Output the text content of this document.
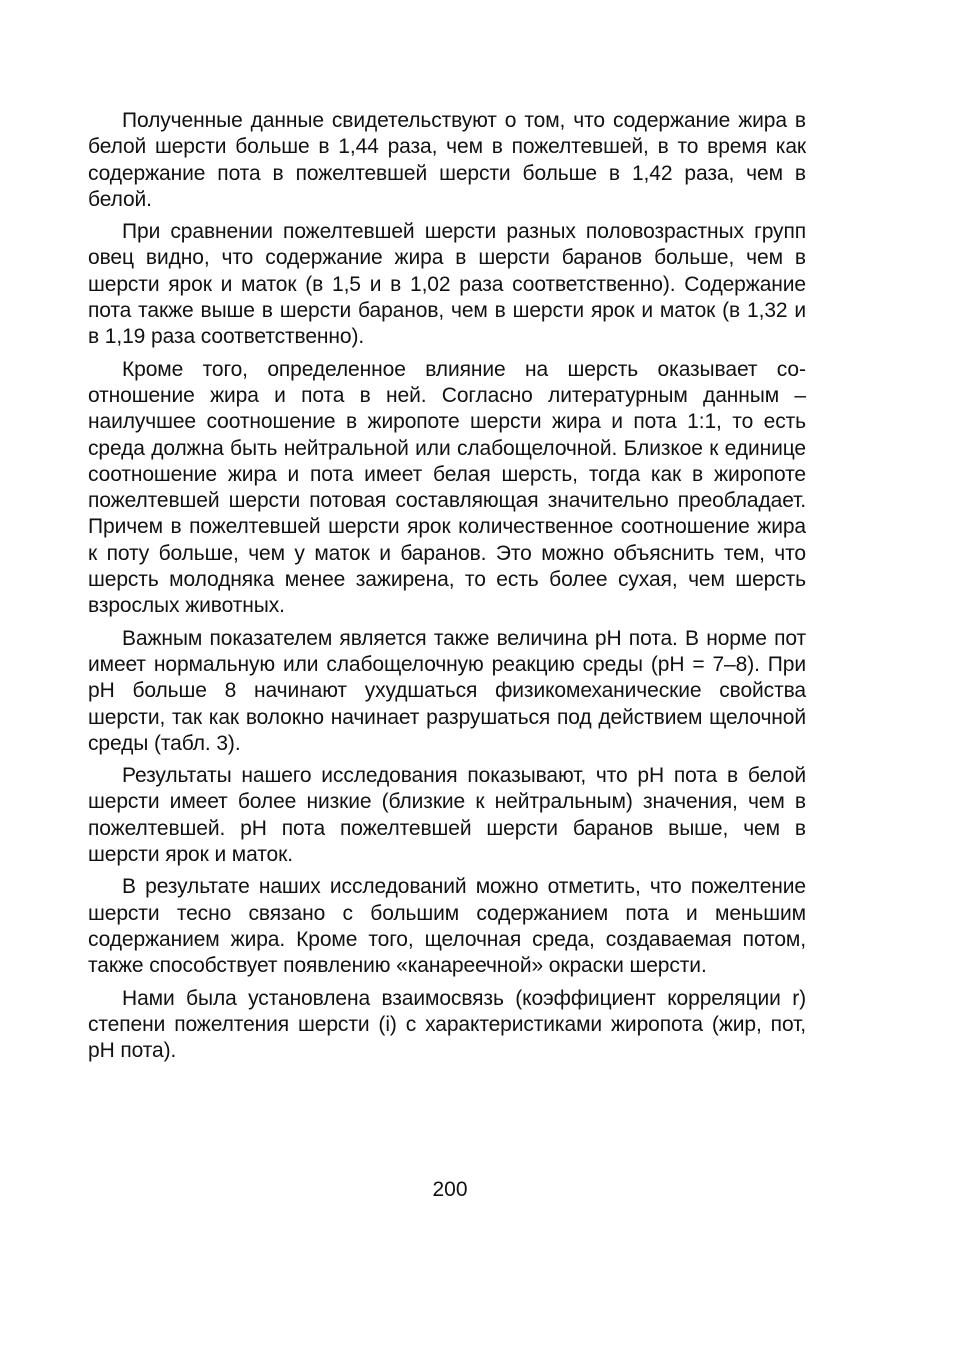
Полученные данные свидетельствуют о том, что содержание жира в белой шерсти больше в 1,44 раза, чем в пожелтевшей, в то время как содержание пота в пожелтевшей шерсти больше в 1,42 раза, чем в белой.

При сравнении пожелтевшей шерсти разных половозрастных групп овец видно, что содержание жира в шерсти баранов больше, чем в шерсти ярок и маток (в 1,5 и в 1,02 раза соответственно). Содержание пота также выше в шерсти баранов, чем в шерсти ярок и маток (в 1,32 и в 1,19 раза соответственно).

Кроме того, определенное влияние на шерсть оказывает соотношение жира и пота в ней. Согласно литературным данным – наилучшее соотношение в жиропоте шерсти жира и пота 1:1, то есть среда должна быть нейтральной или слабощелочной. Близкое к единице соотношение жира и пота имеет белая шерсть, тогда как в жиропоте пожелтевшей шерсти потовая составляющая значительно преобладает. Причем в пожелтевшей шерсти ярок количественное соотношение жира к поту больше, чем у маток и баранов. Это можно объяснить тем, что шерсть молодняка менее зажирена, то есть более сухая, чем шерсть взрослых животных.

Важным показателем является также величина pH пота. В норме пот имеет нормальную или слабощелочную реакцию среды (pH = 7–8). При pH больше 8 начинают ухудшаться физикомеханические свойства шерсти, так как волокно начинает разрушаться под действием щелочной среды (табл. 3).

Результаты нашего исследования показывают, что pH пота в белой шерсти имеет более низкие (близкие к нейтральным) значения, чем в пожелтевшей. pH пота пожелтевшей шерсти баранов выше, чем в шерсти ярок и маток.

В результате наших исследований можно отметить, что пожелтение шерсти тесно связано с большим содержанием пота и меньшим содержанием жира. Кроме того, щелочная среда, создаваемая потом, также способствует появлению «канареечной» окраски шерсти.

Нами была установлена взаимосвязь (коэффициент корреляции r) степени пожелтения шерсти (i) с характеристиками жиропота (жир, пот, pH пота).

200
